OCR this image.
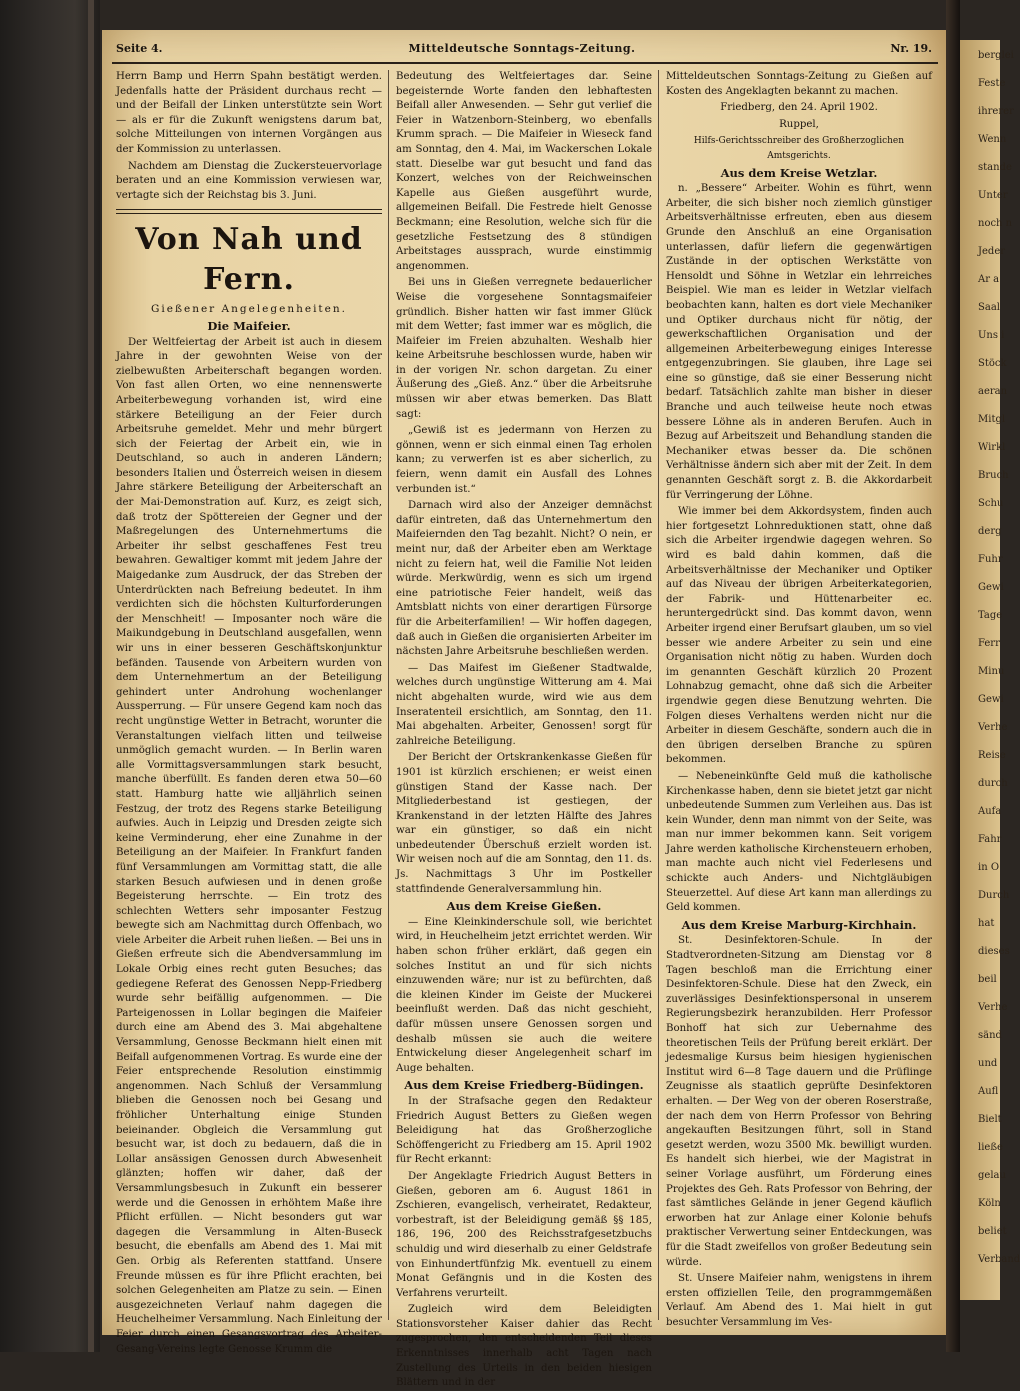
Seite 4.	Mitteldeutsche Sonntags-Zeitung.	Nr. 19.

Herrn Bamp und Herrn Spahn bestätigt werden. Jedenfalls hatte der Präsident durchaus recht — und der Beifall der Linken unterstützte sein Wort — als er für die Zukunft wenigstens darum bat, solche Mitteilungen von internen Vorgängen aus der Kommission zu unterlassen.

Nachdem am Dienstag die Zuckersteuervorlage beraten und an eine Kommission verwiesen war, vertagte sich der Reichstag bis 3. Juni.

Von Nah und Fern.

Gießener Angelegenheiten.

Die Maifeier.

Der Weltfeiertag der Arbeit ist auch in diesem Jahre in der gewohnten Weise von der zielbewußten Arbeiterschaft begangen worden. Von fast allen Orten, wo eine nennenswerte Arbeiterbewegung vorhanden ist, wird eine stärkere Beteiligung an der Feier durch Arbeitsruhe gemeldet. Mehr und mehr bürgert sich der Feiertag der Arbeit ein, wie in Deutschland, so auch in anderen Ländern; besonders Italien und Österreich weisen in diesem Jahre stärkere Beteiligung der Arbeiterschaft an der Mai-Demonstration auf. Kurz, es zeigt sich, daß trotz der Spöttereien der Gegner und der Maßregelungen des Unternehmertums die Arbeiter ihr selbst geschaffenes Fest treu bewahren. Gewaltiger kommt mit jedem Jahre der Maigedanke zum Ausdruck, der das Streben der Unterdrückten nach Befreiung bedeutet. In ihm verdichten sich die höchsten Kulturforderungen der Menschheit! — Imposanter noch wäre die Maikundgebung in Deutschland ausgefallen, wenn wir uns in einer besseren Geschäftskonjunktur befänden. Tausende von Arbeitern wurden von dem Unternehmertum an der Beteiligung gehindert unter Androhung wochenlanger Aussperrung. — Für unsere Gegend kam noch das recht ungünstige Wetter in Betracht, worunter die Veranstaltungen vielfach litten und teilweise unmöglich gemacht wurden. — In Berlin waren alle Vormittagsversammlungen stark besucht, manche überfüllt. Es fanden deren etwa 50—60 statt. Hamburg hatte wie alljährlich seinen Festzug, der trotz des Regens starke Beteiligung aufwies. Auch in Leipzig und Dresden zeigte sich keine Verminderung, eher eine Zunahme in der Beteiligung an der Maifeier. In Frankfurt fanden fünf Versammlungen am Vormittag statt, die alle starken Besuch aufwiesen und in denen große Begeisterung herrschte. — Ein trotz des schlechten Wetters sehr imposanter Festzug bewegte sich am Nachmittag durch Offenbach, wo viele Arbeiter die Arbeit ruhen ließen. — Bei uns in Gießen erfreute sich die Abendversammlung im Lokale Orbig eines recht guten Besuches; das gediegene Referat des Genossen Nepp-Friedberg wurde sehr beifällig aufgenommen. — Die Parteigenossen in Lollar begingen die Maifeier durch eine am Abend des 3. Mai abgehaltene Versammlung, Genosse Beckmann hielt einen mit Beifall aufgenommenen Vortrag. Es wurde eine der Feier entsprechende Resolution einstimmig angenommen. Nach Schluß der Versammlung blieben die Genossen noch bei Gesang und fröhlicher Unterhaltung einige Stunden beieinander. Obgleich die Versammlung gut besucht war, ist doch zu bedauern, daß die in Lollar ansässigen Genossen durch Abwesenheit glänzten; hoffen wir daher, daß der Versammlungsbesuch in Zukunft ein besserer werde und die Genossen in erhöhtem Maße ihre Pflicht erfüllen. — Nicht besonders gut war dagegen die Versammlung in Alten-Buseck besucht, die ebenfalls am Abend des 1. Mai mit Gen. Orbig als Referenten stattfand. Unsere Freunde müssen es für ihre Pflicht erachten, bei solchen Gelegenheiten am Platze zu sein. — Einen ausgezeichneten Verlauf nahm dagegen die Heuchelheimer Versammlung. Nach Einleitung der Feier durch einen Gesangsvortrag des Arbeiter-Gesang-Vereins legte Genosse Krumm die

Bedeutung des Weltfeiertages dar. Seine begeisternde Worte fanden den lebhaftesten Beifall aller Anwesenden. — Sehr gut verlief die Feier in Watzenborn-Steinberg, wo ebenfalls Krumm sprach. — Die Maifeier in Wieseck fand am Sonntag, den 4. Mai, im Wackerschen Lokale statt. Dieselbe war gut besucht und fand das Konzert, welches von der Reichweinschen Kapelle aus Gießen ausgeführt wurde, allgemeinen Beifall. Die Festrede hielt Genosse Beckmann; eine Resolution, welche sich für die gesetzliche Festsetzung des 8 stündigen Arbeitstages aussprach, wurde einstimmig angenommen.

Bei uns in Gießen verregnete bedauerlicher Weise die vorgesehene Sonntagsmaifeier gründlich. Bisher hatten wir fast immer Glück mit dem Wetter; fast immer war es möglich, die Maifeier im Freien abzuhalten. Weshalb hier keine Arbeitsruhe beschlossen wurde, haben wir in der vorigen Nr. schon dargetan. Zu einer Äußerung des „Gieß. Anz.“ über die Arbeitsruhe müssen wir aber etwas bemerken. Das Blatt sagt:

„Gewiß ist es jedermann von Herzen zu gönnen, wenn er sich einmal einen Tag erholen kann; zu verwerfen ist es aber sicherlich, zu feiern, wenn damit ein Ausfall des Lohnes verbunden ist.“

Darnach wird also der Anzeiger demnächst dafür eintreten, daß das Unternehmertum den Maifeiernden den Tag bezahlt. Nicht? O nein, er meint nur, daß der Arbeiter eben am Werktage nicht zu feiern hat, weil die Familie Not leiden würde. Merkwürdig, wenn es sich um irgend eine patriotische Feier handelt, weiß das Amtsblatt nichts von einer derartigen Fürsorge für die Arbeiterfamilien! — Wir hoffen dagegen, daß auch in Gießen die organisierten Arbeiter im nächsten Jahre Arbeitsruhe beschließen werden.

— Das Maifest im Gießener Stadtwalde, welches durch ungünstige Witterung am 4. Mai nicht abgehalten wurde, wird wie aus dem Inseratenteil ersichtlich, am Sonntag, den 11. Mai abgehalten. Arbeiter, Genossen! sorgt für zahlreiche Beteiligung.

Der Bericht der Ortskrankenkasse Gießen für 1901 ist kürzlich erschienen; er weist einen günstigen Stand der Kasse nach. Der Mitgliederbestand ist gestiegen, der Krankenstand in der letzten Hälfte des Jahres war ein günstiger, so daß ein nicht unbedeutender Überschuß erzielt worden ist. Wir weisen noch auf die am Sonntag, den 11. ds. Js. Nachmittags 3 Uhr im Postkeller stattfindende Generalversammlung hin.

Aus dem Kreise Gießen.

— Eine Kleinkinderschule soll, wie berichtet wird, in Heuchelheim jetzt errichtet werden. Wir haben schon früher erklärt, daß gegen ein solches Institut an und für sich nichts einzuwenden wäre; nur ist zu befürchten, daß die kleinen Kinder im Geiste der Muckerei beeinflußt werden. Daß das nicht geschieht, dafür müssen unsere Genossen sorgen und deshalb müssen sie auch die weitere Entwickelung dieser Angelegenheit scharf im Auge behalten.

Aus dem Kreise Friedberg-Büdingen.

In der Strafsache gegen den Redakteur Friedrich August Betters zu Gießen wegen Beleidigung hat das Großherzogliche Schöffengericht zu Friedberg am 15. April 1902 für Recht erkannt:

Der Angeklagte Friedrich August Betters in Gießen, geboren am 6. August 1861 in Zschieren, evangelisch, verheiratet, Redakteur, vorbestraft, ist der Beleidigung gemäß §§ 185, 186, 196, 200 des Reichsstrafgesetzbuchs schuldig und wird dieserhalb zu einer Geldstrafe von Einhundertfünfzig Mk. eventuell zu einem Monat Gefängnis und in die Kosten des Verfahrens verurteilt.

Zugleich wird dem Beleidigten Stationsvorsteher Kaiser dahier das Recht zugesprochen, den entscheidenden Teil dieses Erkenntnisses innerhalb acht Tagen nach Zustellung des Urteils in den beiden hiesigen Blättern und in der

Mitteldeutschen Sonntags-Zeitung zu Gießen auf Kosten des Angeklagten bekannt zu machen.

Friedberg, den 24. April 1902.

Ruppel,

Hilfs-Gerichtsschreiber des Großherzoglichen Amtsgerichts.

Aus dem Kreise Wetzlar.

n. „Bessere“ Arbeiter. Wohin es führt, wenn Arbeiter, die sich bisher noch ziemlich günstiger Arbeitsverhältnisse erfreuten, eben aus diesem Grunde den Anschluß an eine Organisation unterlassen, dafür liefern die gegenwärtigen Zustände in der optischen Werkstätte von Hensoldt und Söhne in Wetzlar ein lehrreiches Beispiel. Wie man es leider in Wetzlar vielfach beobachten kann, halten es dort viele Mechaniker und Optiker durchaus nicht für nötig, der gewerkschaftlichen Organisation und der allgemeinen Arbeiterbewegung einiges Interesse entgegenzubringen. Sie glauben, ihre Lage sei eine so günstige, daß sie einer Besserung nicht bedarf. Tatsächlich zahlte man bisher in dieser Branche und auch teilweise heute noch etwas bessere Löhne als in anderen Berufen. Auch in Bezug auf Arbeitszeit und Behandlung standen die Mechaniker etwas besser da. Die schönen Verhältnisse ändern sich aber mit der Zeit. In dem genannten Geschäft sorgt z. B. die Akkordarbeit für Verringerung der Löhne.

Wie immer bei dem Akkordsystem, finden auch hier fortgesetzt Lohnreduktionen statt, ohne daß sich die Arbeiter irgendwie dagegen wehren. So wird es bald dahin kommen, daß die Arbeitsverhältnisse der Mechaniker und Optiker auf das Niveau der übrigen Arbeiterkategorien, der Fabrik- und Hüttenarbeiter ec. heruntergedrückt sind. Das kommt davon, wenn Arbeiter irgend einer Berufsart glauben, um so viel besser wie andere Arbeiter zu sein und eine Organisation nicht nötig zu haben. Wurden doch im genannten Geschäft kürzlich 20 Prozent Lohnabzug gemacht, ohne daß sich die Arbeiter irgendwie gegen diese Benutzung wehrten. Die Folgen dieses Verhaltens werden nicht nur die Arbeiter in diesem Geschäfte, sondern auch die in den übrigen derselben Branche zu spüren bekommen.

— Nebeneinkünfte Geld muß die katholische Kirchenkasse haben, denn sie bietet jetzt gar nicht unbedeutende Summen zum Verleihen aus. Das ist kein Wunder, denn man nimmt von der Seite, was man nur immer bekommen kann. Seit vorigem Jahre werden katholische Kirchensteuern erhoben, man machte auch nicht viel Federlesens und schickte auch Anders- und Nichtgläubigen Steuerzettel. Auf diese Art kann man allerdings zu Geld kommen.

Aus dem Kreise Marburg-Kirchhain.

St. Desinfektoren-Schule. In der Stadtverordneten-Sitzung am Dienstag vor 8 Tagen beschloß man die Errichtung einer Desinfektoren-Schule. Diese hat den Zweck, ein zuverlässiges Desinfektionspersonal in unserem Regierungsbezirk heranzubilden. Herr Professor Bonhoff hat sich zur Uebernahme des theoretischen Teils der Prüfung bereit erklärt. Der jedesmalige Kursus beim hiesigen hygienischen Institut wird 6—8 Tage dauern und die Prüflinge Zeugnisse als staatlich geprüfte Desinfektoren erhalten. — Der Weg von der oberen Roserstraße, der nach dem von Herrn Professor von Behring angekauften Besitzungen führt, soll in Stand gesetzt werden, wozu 3500 Mk. bewilligt wurden. Es handelt sich hierbei, wie der Magistrat in seiner Vorlage ausführt, um Förderung eines Projektes des Geh. Rats Professor von Behring, der fast sämtliches Gelände in jener Gegend käuflich erworben hat zur Anlage einer Kolonie behufs praktischer Verwertung seiner Entdeckungen, was für die Stadt zweifellos von großer Bedeutung sein würde.

St. Unsere Maifeier nahm, wenigstens in ihrem ersten offiziellen Teile, den programmgemäßen Verlauf. Am Abend des 1. Mai hielt in gut besuchter Versammlung im Ves-

berglei
Feste
ihrerer
Wenn
stande
Unter
noch n
Jeder
Ar a
Saal
Uns i
Stöck
aeran
Mitgl
Wirkl
Bruch
Schu
derg
Fuhr
Gewi
Tage
Ferr
Minu
Gewi
Verhe
Reise
durch
Aufa
Fahr
in O
Durch
hat
dieses
beil
Verhe
sänd
und
Aufl
Bielt
ließe
gelau
Köln
beliet
Verband
